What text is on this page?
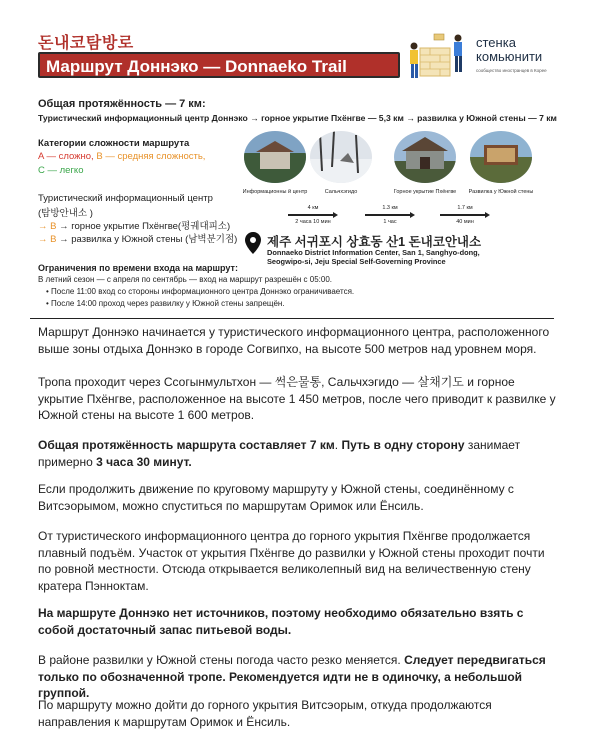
돈내코탐방로
Маршрут Доннэко — Donnaeko Trail
стенка
комьюнити
сообщество иностранцев в Корее
Общая протяжённость — 7 км:
Туристический информационный центр Доннэко → горное укрытие Пхёнгве — 5,3 км → развилка у Южной стены — 7 км
Категории сложности маршрута
A — сложно, B — средняя сложность,
C — легко
Туристический информационный центр
(탐방안내소 )
→ B → горное укрытие Пхёнгве(평궤대피소)
→ B → развилка у Южной стены (남벽분기점)
Информационны й центр	Сальчхэгидо	Горное укрытие Пхёнгве	Развилка у Южной стены
4 км
2 часа 10 мин
1.3 км
1 час
1.7 км
40 мин
제주 서귀포시 상효동 산1 돈내코안내소
Donnaeko District Information Center, San 1, Sanghyo-dong,
Seogwipo-si, Jeju Special Self-Governing Province
Ограничения по времени входа на маршрут:
В летний сезон — с апреля по сентябрь — вход на маршрут разрешён с 05:00.
• После 11:00 вход со стороны информационного центра Доннэко ограничивается.
• После 14:00 проход через развилку у Южной стены запрещён.
Маршрут Доннэко начинается у туристического информационного центра, расположенного выше зоны отдыха Доннэко в городе Согвипхо, на высоте 500 метров над уровнем моря.
Тропа проходит через Ссогынмультхон — 썩은물통, Сальчхэгидо — 살채기도 и горное укрытие Пхёнгве, расположенное на высоте 1 450 метров, после чего приводит к развилке у Южной стены на высоте 1 600 метров.
Общая протяжённость маршрута составляет 7 км. Путь в одну сторону занимает примерно 3 часа 30 минут.
Если продолжить движение по круговому маршруту у Южной стены, соединённому с Витсэорымом, можно спуститься по маршрутам Оримок или Ёнсиль.
От туристического информационного центра до горного укрытия Пхёнгве продолжается плавный подъём. Участок от укрытия Пхёнгве до развилки у Южной стены проходит почти по ровной местности. Отсюда открывается великолепный вид на величественную стену кратера Пэнноктам.
На маршруте Доннэко нет источников, поэтому необходимо обязательно взять с собой достаточный запас питьевой воды.
В районе развилки у Южной стены погода часто резко меняется. Следует передвигаться только по обозначенной тропе. Рекомендуется идти не в одиночку, а небольшой группой.
По маршруту можно дойти до горного укрытия Витсэорым, откуда продолжаются направления к маршрутам Оримок и Ёнсиль.
